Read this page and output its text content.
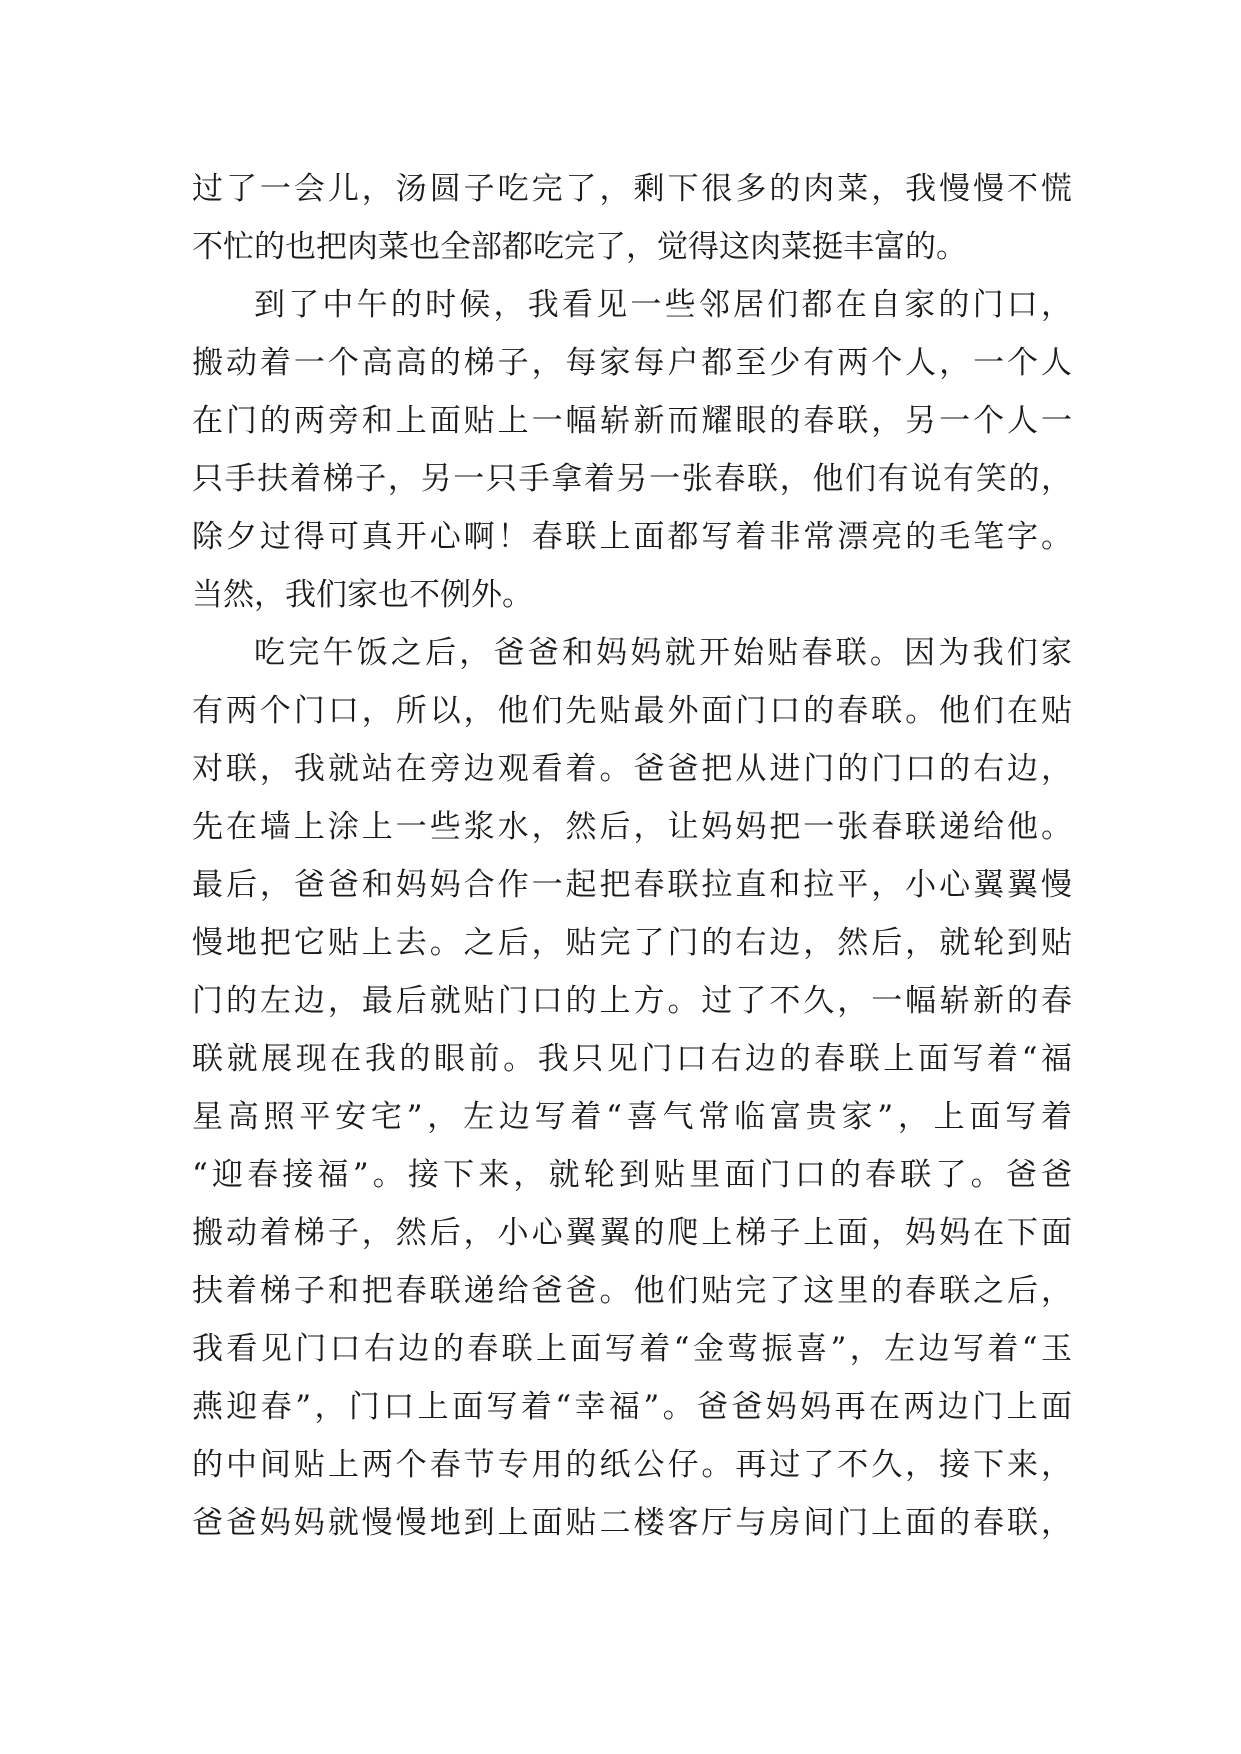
过了一会儿，汤圆子吃完了，剩下很多的肉菜，我慢慢不慌
不忙的也把肉菜也全部都吃完了，觉得这肉菜挺丰富的。
到了中午的时候，我看见一些邻居们都在自家的门口，
搬动着一个高高的梯子，每家每户都至少有两个人，一个人
在门的两旁和上面贴上一幅崭新而耀眼的春联，另一个人一
只手扶着梯子，另一只手拿着另一张春联，他们有说有笑的，
除夕过得可真开心啊！春联上面都写着非常漂亮的毛笔字。
当然，我们家也不例外。
吃完午饭之后，爸爸和妈妈就开始贴春联。因为我们家
有两个门口，所以，他们先贴最外面门口的春联。他们在贴
对联，我就站在旁边观看着。爸爸把从进门的门口的右边，
先在墙上涂上一些浆水，然后，让妈妈把一张春联递给他。
最后，爸爸和妈妈合作一起把春联拉直和拉平，小心翼翼慢
慢地把它贴上去。之后，贴完了门的右边，然后，就轮到贴
门的左边，最后就贴门口的上方。过了不久，一幅崭新的春
联就展现在我的眼前。我只见门口右边的春联上面写着“福
星高照平安宅”，左边写着“喜气常临富贵家”，上面写着
“迎春接福”。接下来，就轮到贴里面门口的春联了。爸爸
搬动着梯子，然后，小心翼翼的爬上梯子上面，妈妈在下面
扶着梯子和把春联递给爸爸。他们贴完了这里的春联之后，
我看见门口右边的春联上面写着“金莺振喜”，左边写着“玉
燕迎春”，门口上面写着“幸福”。爸爸妈妈再在两边门上面
的中间贴上两个春节专用的纸公仔。再过了不久，接下来，
爸爸妈妈就慢慢地到上面贴二楼客厅与房间门上面的春联，
